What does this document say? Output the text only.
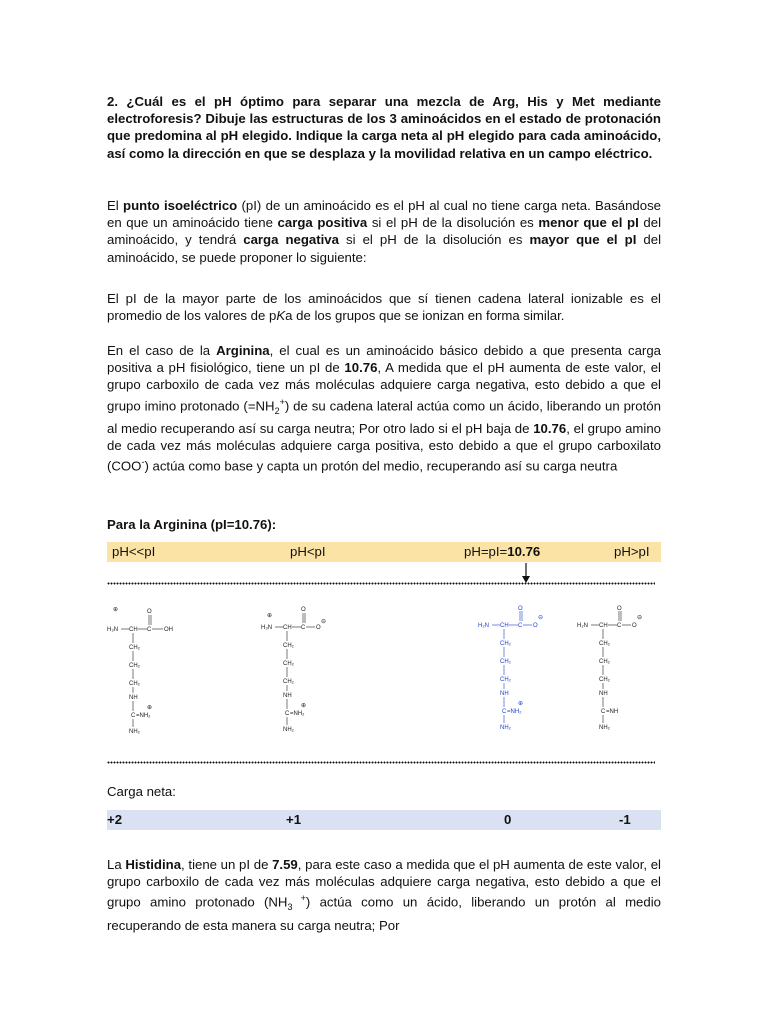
2. ¿Cuál es el pH óptimo para separar una mezcla de Arg, His y Met mediante electroforesis? Dibuje las estructuras de los 3 aminoácidos en el estado de protonación que predomina al pH elegido. Indique la carga neta al pH elegido para cada aminoácido, así como la dirección en que se desplaza y la movilidad relativa en un campo eléctrico.
El punto isoeléctrico (pI) de un aminoácido es el pH al cual no tiene carga neta. Basándose en que un aminoácido tiene carga positiva si el pH de la disolución es menor que el pI del aminoácido, y tendrá carga negativa si el pH de la disolución es mayor que el pI del aminoácido, se puede proponer lo siguiente:
El pI de la mayor parte de los aminoácidos que sí tienen cadena lateral ionizable es el promedio de los valores de pKa de los grupos que se ionizan en forma similar.
En el caso de la Arginina, el cual es un aminoácido básico debido a que presenta carga positiva a pH fisiológico, tiene un pI de 10.76, A medida que el pH aumenta de este valor, el grupo carboxilo de cada vez más moléculas adquiere carga negativa, esto debido a que el grupo imino protonado $(=NH_2^+)$ de su cadena lateral actúa como un ácido, liberando un protón al medio recuperando así su carga neutra; Por otro lado si el pH baja de 10.76, el grupo amino de cada vez más moléculas adquiere carga positiva, esto debido a que el grupo carboxilato (COO-) actúa como base y capta un protón del medio, recuperando así su carga neutra
Para la Arginina (pI=10.76):
pH<<pI	pH<pI	pH=pI=10.76	pH>pI
⊕
H₃N CH C
O
OH
CH₂
CH₂
CH₂
NH
C =NH₂
⊕
NH₂
⊕
H₃N CH C
O
O
⊖
CH₂
CH₂
CH₂
NH
C =NH₂
⊕
NH₂
H₂N CH C
O
O
⊖
CH₂
CH₂
CH₂
NH
C =NH₂
⊕
NH₂
H₂N CH C
O
O
⊖
CH₂
CH₂
CH₂
NH
C =NH
NH₂
Carga neta:
+2	+1	0	-1
La Histidina, tiene un pI de 7.59, para este caso a medida que el pH aumenta de este valor, el grupo carboxilo de cada vez más moléculas adquiere carga negativa, esto debido a que el grupo amino protonado ($NH_3$ +) actúa como un ácido, liberando un protón al medio recuperando de esta manera su carga neutra; Por
